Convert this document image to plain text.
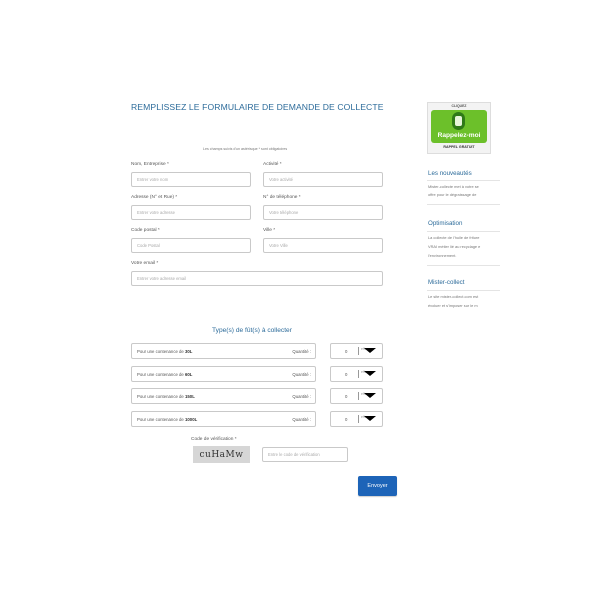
REMPLISSEZ LE FORMULAIRE DE DEMANDE DE COLLECTE
Les champs suivis d'un astérisque * sont obligatoires
Nom, Entreprise *
Entrer votre nom
Activité *
Votre activité
Adresse (N° et Rue) *
Entrer votre adresse
N° de téléphone *
Votre téléphone
Code postal *
Code Postal
Ville *
Votre Ville
Votre email *
Entrer votre adresse email
Type(s) de fût(s) à collecter
Pour une contenance de 30L	Quantité :	0	effacer
Pour une contenance de 60L	Quantité :	0	effacer
Pour une contenance de 150L	Quantité :	0	effacer
Pour une contenance de 1000L	Quantité :	0	effacer
Code de vérification *
cuHaMw	Entre le code de vérification
Envoyer
CLIQUEZ
Rappelez-moi
RAPPEL GRATUIT
Les nouveautés
Mister-collecte met à votre se
offre pour le dégraissage de
Optimisation
La collecte de l'huile de friture
VRAI métier lié au recyclage e
l'environnement.
Mister-collect
Le site mister-collect.com est
évoluer et s'imposer sur le m
